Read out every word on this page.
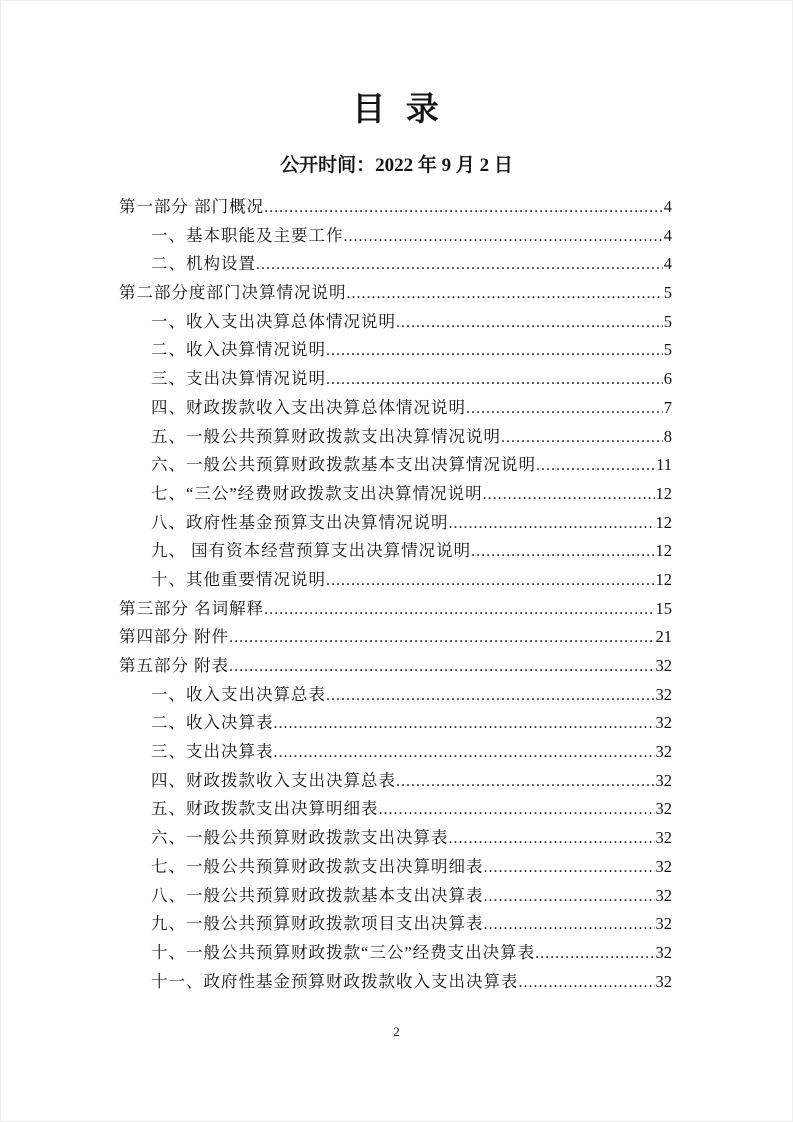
目 录
公开时间：2022 年 9 月 2 日
第一部分 部门概况 .....	4
一、基本职能及主要工作 .....	4
二、机构设置 .....	4
第二部分度部门决算情况说明 .....	5
一、收入支出决算总体情况说明 .....	5
二、收入决算情况说明 .....	5
三、支出决算情况说明 .....	6
四、财政拨款收入支出决算总体情况说明 .....	7
五、一般公共预算财政拨款支出决算情况说明 .....	8
六、一般公共预算财政拨款基本支出决算情况说明 .....	11
七、“三公”经费财政拨款支出决算情况说明 .....	12
八、政府性基金预算支出决算情况说明 .....	12
九、 国有资本经营预算支出决算情况说明 .....	12
十、其他重要情况说明 .....	12
第三部分 名词解释 .....	15
第四部分 附件 .....	21
第五部分 附表 .....	32
一、收入支出决算总表 .....	32
二、收入决算表 .....	32
三、支出决算表 .....	32
四、财政拨款收入支出决算总表 .....	32
五、财政拨款支出决算明细表 .....	32
六、一般公共预算财政拨款支出决算表 .....	32
七、一般公共预算财政拨款支出决算明细表 .....	32
八、一般公共预算财政拨款基本支出决算表 .....	32
九、一般公共预算财政拨款项目支出决算表 .....	32
十、一般公共预算财政拨款“三公”经费支出决算表 .....	32
十一、政府性基金预算财政拨款收入支出决算表 .....	32
2
